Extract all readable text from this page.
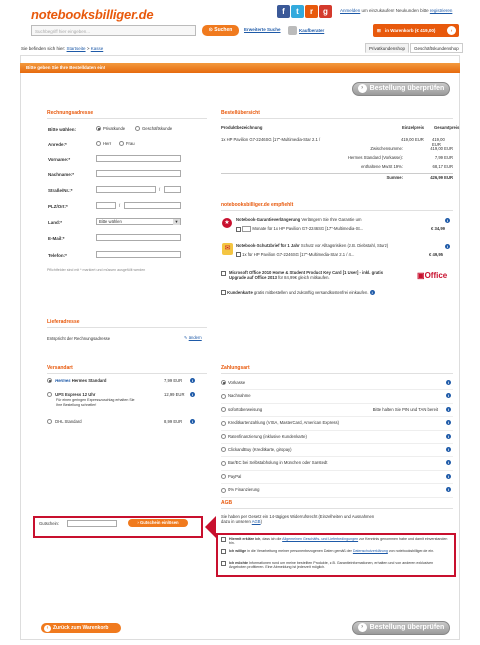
notebooksbilliger.de	f	t	r	g	Anmelden um einzukaufen! Neukunden bitte registrieren
Suchbegriff hier eingeben...	⊙ Suchen	Erweiterte Suche	Kaufberater	⊞ in Warenkorb (€ 419,00)	›
Sie befinden sich hier: Startseite > Kasse	Privatkundenshop	Geschäftskundenshop
Bitte geben Sie Ihre Bestelldaten ein!
› Bestellung überprüfen
Rechnungsadresse
Bitte wählen:	Privatkunde	Geschäftskunde
Anrede:*	Herr	Frau
Vorname:*
Nachname:*
Straße/Nr.:*	/
PLZ/Ort:*	/
Land:*	Bitte wählen	▼
E-Mail:*
Telefon:*
Pflichtfelder sind mit * markiert und müssen ausgefüllt werden
Lieferadresse
Entspricht der Rechnungsadresse	✎ ändern
Versandart
Hermes Hermes Standard	7,99 EUR	i
UPS Express 12 Uhr	12,99 EUR	i
Für einen geringen Expresszuschlag erhalten Sie Ihre Bestellung schneller!
DHL Standard	8,99 EUR	i
Bestellübersicht
Produktbezeichnung	Einzelpreis Gesamtpreis
1x HP Pavilion G7-2246SG [17"-Multimedia-Star 2.1 /	419,00 EUR 419,00 EUR
Zwischensumme:	419,00 EUR
Hermes Standard (Vorkasse):	7,99 EUR
enthaltene MwSt 19%:	68,17 EUR
Summe:	426,99 EUR
notebooksbilliger.de empfiehlt
★
Notebook-Garantieverlängerung Verlängern Sie Ihre Garantie um
Monate für 1x HP Pavilion G7-2246SG [17"-Multimedia-St...
i
€ 34,99
✉	Notebook-Schutzbrief für 1 Jahr Schutz vor Alltagsrisiken (z.B. Diebstahl, Sturz)
1x für HP Pavilion G7-2246SG [17"-Multimedia-Star 2.1 / 4...
i
€ 49,95
Microsoft Office 2010 Home & Student Product Key Card [1 User] - inkl. gratis Upgrade auf Office 2013 für 84,99€ gleich mitkaufen.	▣Office
Kundenkarte gratis mitbestellen und zukünftig versandkostenfrei einkaufen. i
Zahlungsart
Vorkasse	i
Nachnahme	i
sofortüberweisung	Bitte halten Sie PIN und TAN bereit	i
Kreditkartenzahlung (VISA, MasterCard, American Express)	i
Ratenfinanzierung (inklusive Kundenkarte)	i
ClickandBuy (Kreditkarte, giropay)	i
Bar/EC bei Selbstabholung in München oder Sarstedt	i
PayPal	i
0% Finanzierung	i
Gutschein:	› Gutschein einlösen
AGB
Sie haben per Gesetz ein 14-tägiges Widerrufsrecht (Einzelheiten und Ausnahmen
dazu in unseren AGB)
Hiermit erkläre ich, dass ich die Allgemeinen Geschäfts- und Lieferbedingungen zur Kenntnis genommen habe und damit einverstanden bin.
Ich willige in die Verarbeitung meiner personenbezogenen Daten gemäß der Datenschutzerklärung von notebooksbilliger.de ein.
Ich möchte Informationen rund um meine bestellten Produkte, z.B. Garantieinformationen, erhalten und von anderen exklusiven Angeboten profitieren. Eine Abmeldung ist jederzeit möglich.
‹ Zurück zum Warenkorb	› Bestellung überprüfen
